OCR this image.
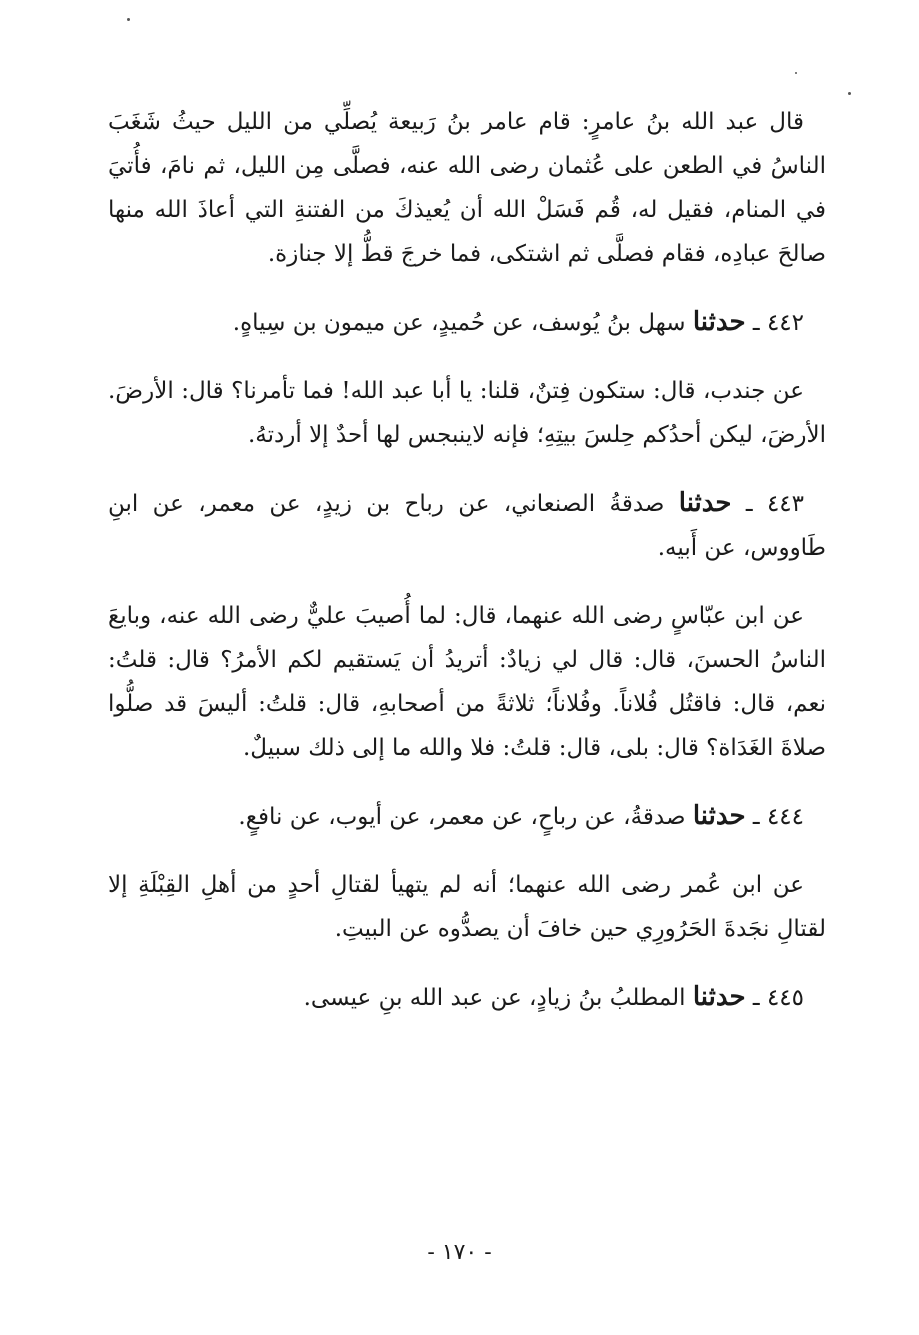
قال عبد الله بنُ عامرٍ: قام عامر بنُ رَبيعة يُصلِّي من الليل حيثُ شَغَبَ الناسُ في الطعن على عُثمان رضى الله عنه، فصلَّى مِن الليل، ثم نامَ، فأُتيَ في المنام، فقيل له، قُم فَسَلْ الله أن يُعيذكَ من الفتنةِ التي أعاذَ الله منها صالحَ عبادِه، فقام فصلَّى ثم اشتكى، فما خرجَ قطُّ إلا جنازة.

٤٤٢ ـ حدثنا سهل بنُ يُوسف، عن حُميدٍ، عن ميمون بن سِياهٍ.

عن جندب، قال: ستكون فِتنٌ، قلنا: يا أبا عبد الله! فما تأمرنا؟ قال: الأرضَ. الأرضَ، ليكن أحدُكم حِلسَ بيتِهِ؛ فإنه لاينبجس لها أحدٌ إلا أردتهُ.

٤٤٣ ـ حدثنا صدقةُ الصنعاني، عن رباح بن زيدٍ، عن معمر، عن ابنِ طَاووس، عن أَبيه.

عن ابن عبّاسٍ رضى الله عنهما، قال: لما أُصيبَ عليٌّ رضى الله عنه، وبايعَ الناسُ الحسنَ، قال: قال لي زيادٌ: أتريدُ أن يَستقيم لكم الأمرُ؟ قال: قلتُ: نعم، قال: فاقتُل فُلاناً. وفُلاناً؛ ثلاثةً من أصحابهِ، قال: قلتُ: أليسَ قد صلُّوا صلاةَ الغَدَاة؟ قال: بلى، قال: قلتُ: فلا والله ما إلى ذلك سبيلٌ.

٤٤٤ ـ حدثنا صدقةُ، عن رباحٍ، عن معمر، عن أيوب، عن نافعٍ.

عن ابن عُمر رضى الله عنهما؛ أنه لم يتهيأ لقتالِ أحدٍ من أهلِ القِبْلَةِ إلا لقتالِ نجَدةَ الحَرُورِي حين خافَ أن يصدُّوه عن البيتِ.

٤٤٥ ـ حدثنا المطلبُ بنُ زيادٍ، عن عبد الله بنِ عيسى.

- ١٧٠ -
